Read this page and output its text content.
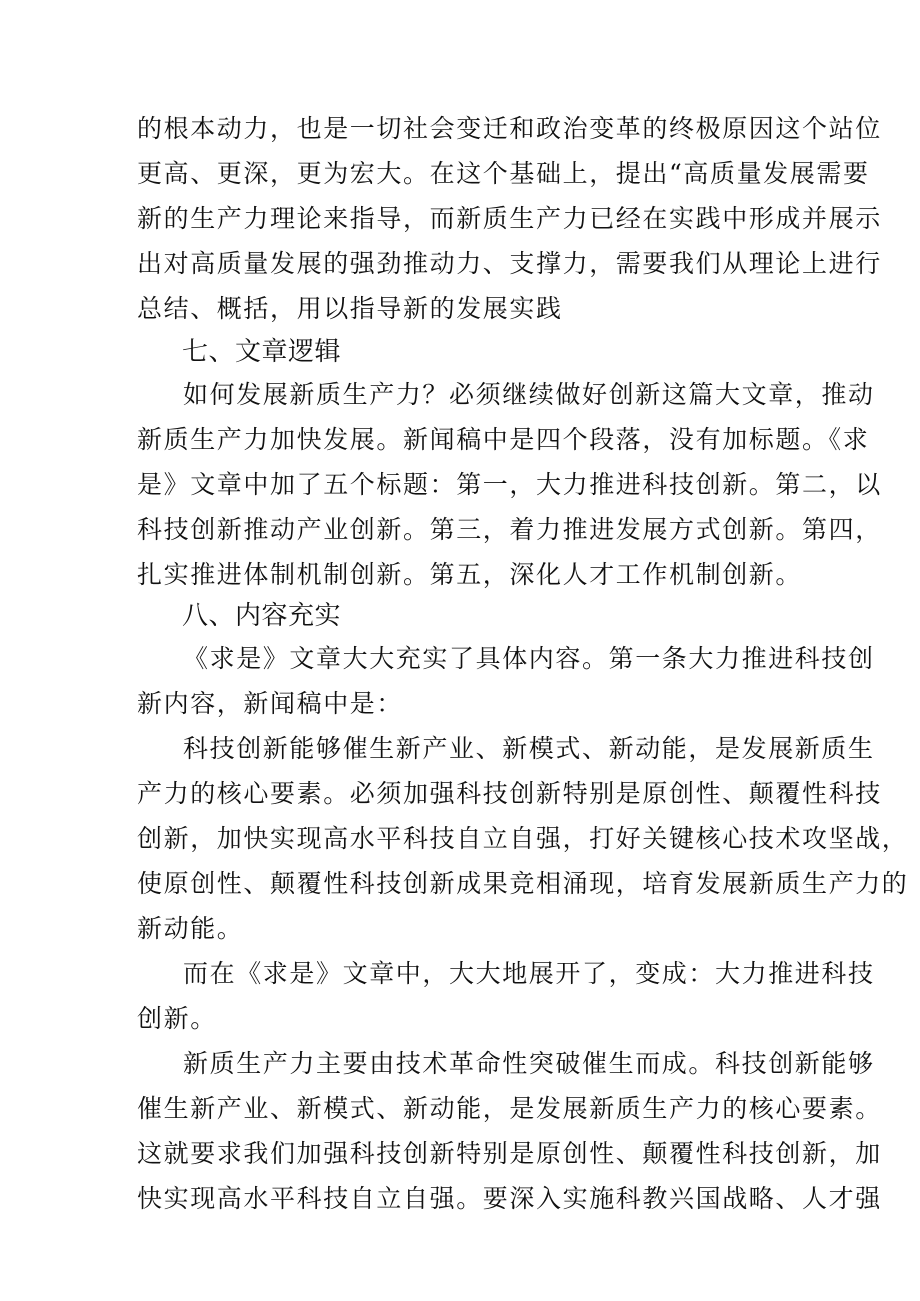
的根本动力，也是一切社会变迁和政治变革的终极原因这个站位
更高、更深，更为宏大。在这个基础上，提出“高质量发展需要
新的生产力理论来指导，而新质生产力已经在实践中形成并展示
出对高质量发展的强劲推动力、支撑力，需要我们从理论上进行
总结、概括，用以指导新的发展实践
七、文章逻辑
如何发展新质生产力？必须继续做好创新这篇大文章，推动
新质生产力加快发展。新闻稿中是四个段落，没有加标题。《求
是》文章中加了五个标题：第一，大力推进科技创新。第二，以
科技创新推动产业创新。第三，着力推进发展方式创新。第四，
扎实推进体制机制创新。第五，深化人才工作机制创新。
八、内容充实
《求是》文章大大充实了具体内容。第一条大力推进科技创
新内容，新闻稿中是：
科技创新能够催生新产业、新模式、新动能，是发展新质生
产力的核心要素。必须加强科技创新特别是原创性、颠覆性科技
创新，加快实现高水平科技自立自强，打好关键核心技术攻坚战，
使原创性、颠覆性科技创新成果竞相涌现，培育发展新质生产力的
新动能。
而在《求是》文章中，大大地展开了，变成：大力推进科技
创新。
新质生产力主要由技术革命性突破催生而成。科技创新能够
催生新产业、新模式、新动能，是发展新质生产力的核心要素。
这就要求我们加强科技创新特别是原创性、颠覆性科技创新，加
快实现高水平科技自立自强。要深入实施科教兴国战略、人才强
